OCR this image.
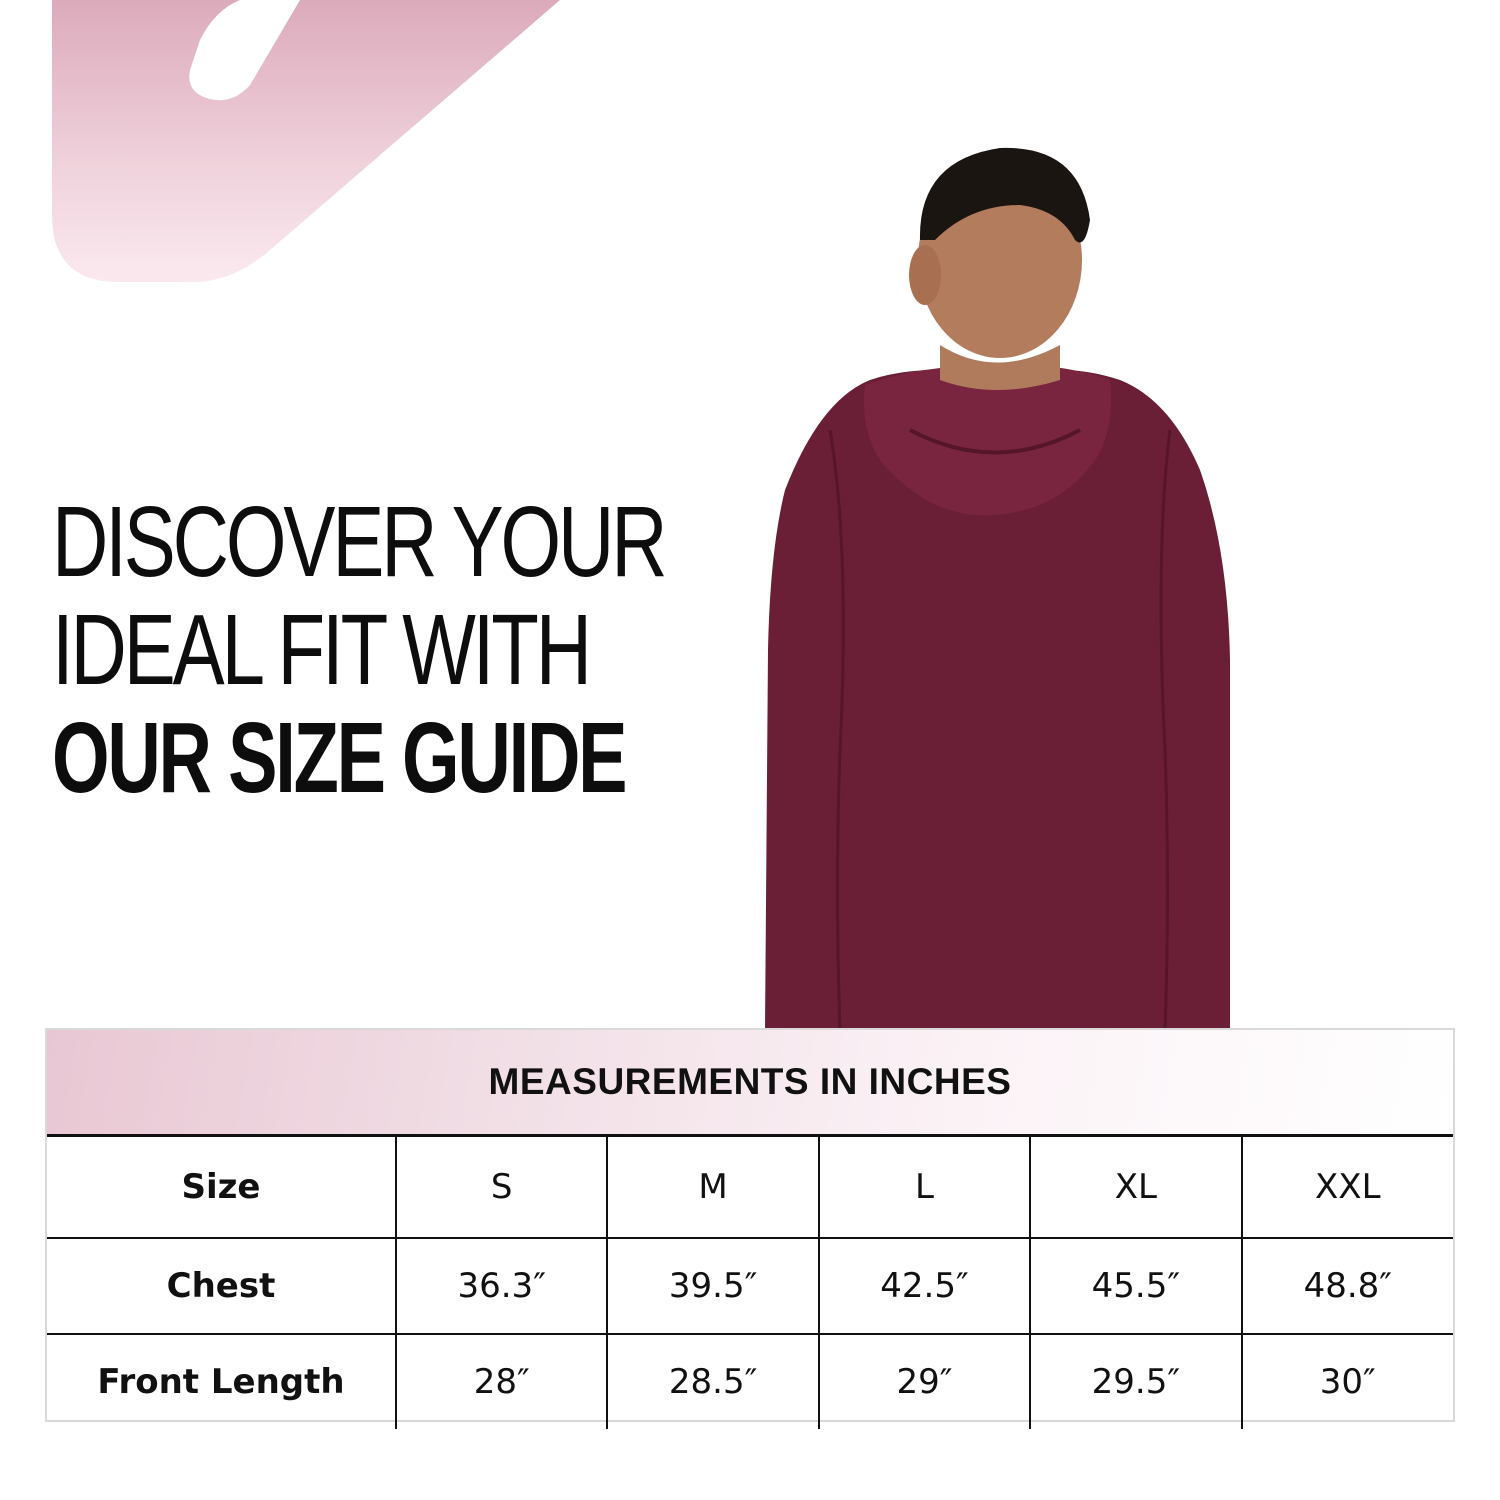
DISCOVER YOUR
IDEAL FIT WITH
OUR SIZE GUIDE
MEASUREMENTS IN INCHES
Size	S	M	L	XL	XXL
Chest	36.3″	39.5″	42.5″	45.5″	48.8″
Front Length	28″	28.5″	29″	29.5″	30″
